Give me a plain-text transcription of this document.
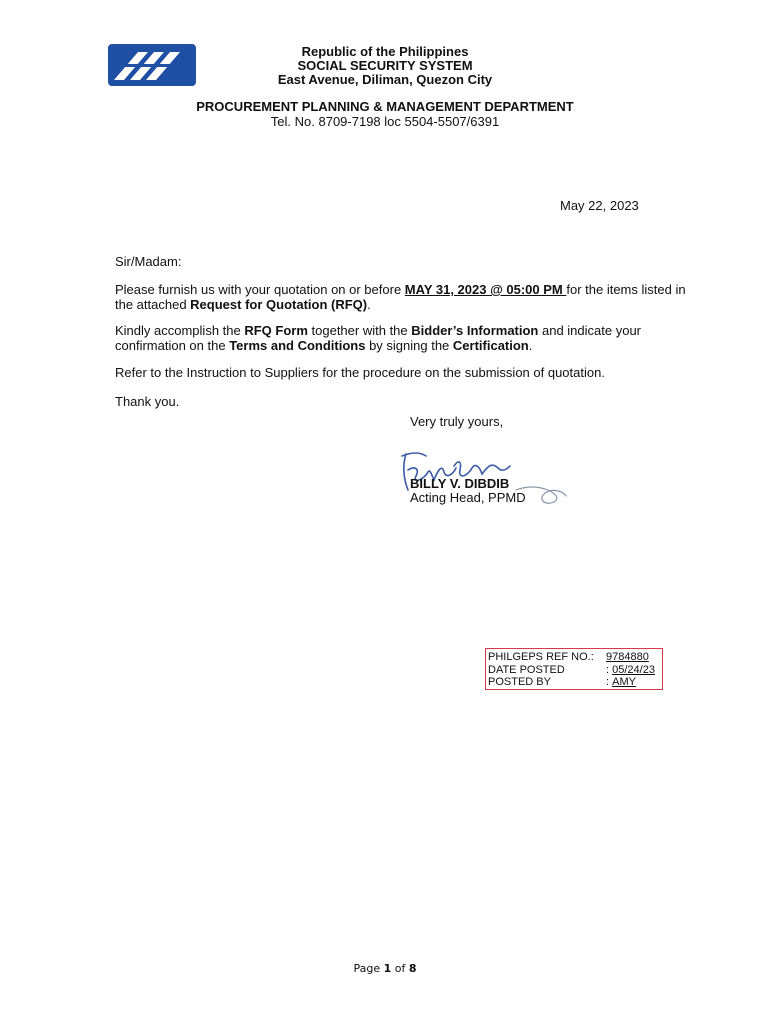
Republic of the Philippines
SOCIAL SECURITY SYSTEM
East Avenue, Diliman, Quezon City
PROCUREMENT PLANNING & MANAGEMENT DEPARTMENT
Tel. No. 8709-7198 loc 5504-5507/6391
May 22, 2023
Sir/Madam:
Please furnish us with your quotation on or before MAY 31, 2023 @ 05:00 PM for the items listed in the attached Request for Quotation (RFQ).
Kindly accomplish the RFQ Form together with the Bidder’s Information and indicate your confirmation on the Terms and Conditions by signing the Certification.
Refer to the Instruction to Suppliers for the procedure on the submission of quotation.
Thank you.
Very truly yours,
BILLY V. DIBDIB
Acting Head, PPMD
PHILGEPS REF NO.:	9784880
DATE POSTED	: 05/24/23
POSTED BY	: AMY
Page 1 of 8
